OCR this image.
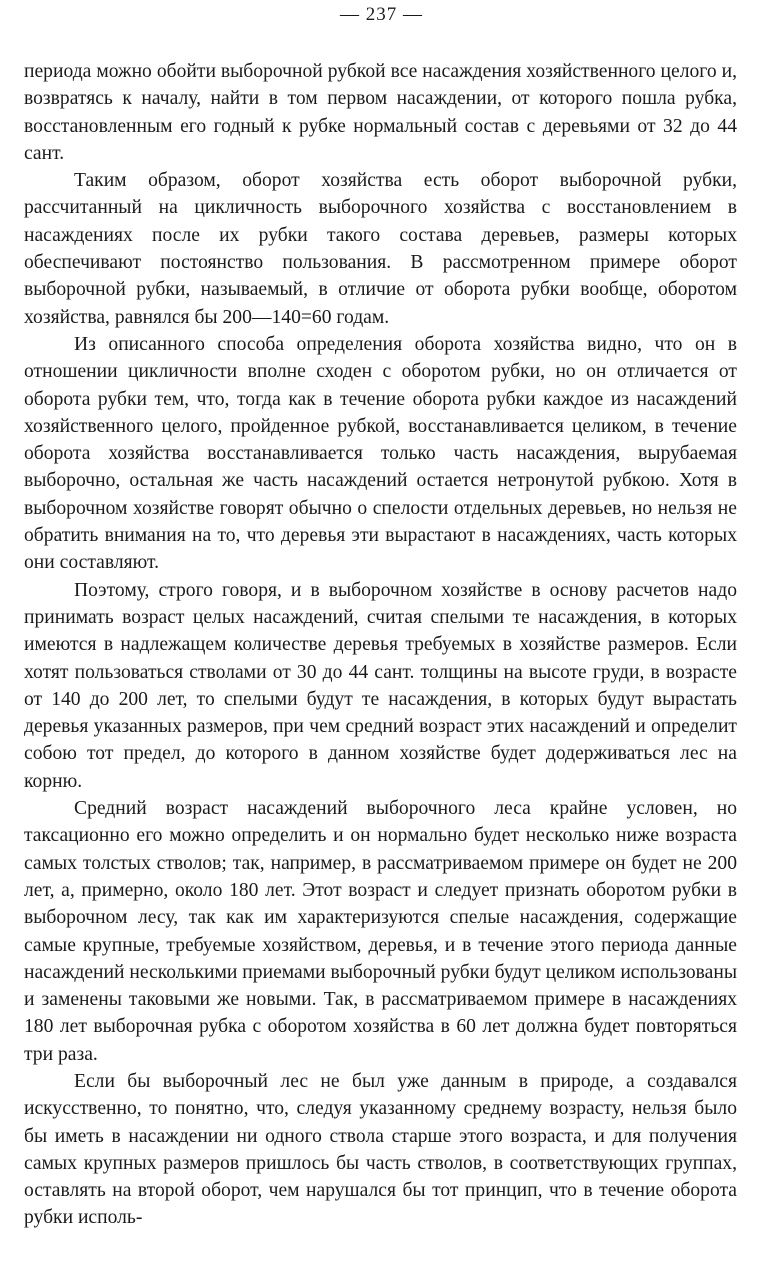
— 237 —

периода можно обойти выборочной рубкой все насаждения хозяйственного целого и, возвратясь к началу, найти в том первом насаждении, от которого пошла рубка, восстановленным его годный к рубке нормальный состав с деревьями от 32 до 44 сант.

Таким образом, оборот хозяйства есть оборот выборочной рубки, рассчитанный на цикличность выборочного хозяйства с восстановлением в насаждениях после их рубки такого состава деревьев, размеры которых обеспечивают постоянство пользования. В рассмотренном примере оборот выборочной рубки, называемый, в отличие от оборота рубки вообще, оборотом хозяйства, равнялся бы 200—140=60 годам.

Из описанного способа определения оборота хозяйства видно, что он в отношении цикличности вполне сходен с оборотом рубки, но он отличается от оборота рубки тем, что, тогда как в течение оборота рубки каждое из насаждений хозяйственного целого, пройденное рубкой, восстанавливается целиком, в течение оборота хозяйства восстанавливается только часть насаждения, вырубаемая выборочно, остальная же часть насаждений остается нетронутой рубкою. Хотя в выборочном хозяйстве говорят обычно о спелости отдельных деревьев, но нельзя не обратить внимания на то, что деревья эти вырастают в насаждениях, часть которых они составляют.

Поэтому, строго говоря, и в выборочном хозяйстве в основу расчетов надо принимать возраст целых насаждений, считая спелыми те насаждения, в которых имеются в надлежащем количестве деревья требуемых в хозяйстве размеров. Если хотят пользоваться стволами от 30 до 44 сант. толщины на высоте груди, в возрасте от 140 до 200 лет, то спелыми будут те насаждения, в которых будут вырастать деревья указанных размеров, при чем средний возраст этих насаждений и определит собою тот предел, до которого в данном хозяйстве будет додерживаться лес на корню.

Средний возраст насаждений выборочного леса крайне условен, но таксационно его можно определить и он нормально будет несколько ниже возраста самых толстых стволов; так, например, в рассматриваемом примере он будет не 200 лет, а, примерно, около 180 лет. Этот возраст и следует признать оборотом рубки в выборочном лесу, так как им характеризуются спелые насаждения, содержащие самые крупные, требуемые хозяйством, деревья, и в течение этого периода данные насаждений несколькими приемами выборочный рубки будут целиком использованы и заменены таковыми же новыми. Так, в рассматриваемом примере в насаждениях 180 лет выборочная рубка с оборотом хозяйства в 60 лет должна будет повторяться три раза.

Если бы выборочный лес не был уже данным в природе, а создавался искусственно, то понятно, что, следуя указанному среднему возрасту, нельзя было бы иметь в насаждении ни одного ствола старше этого возраста, и для получения самых крупных размеров пришлось бы часть стволов, в соответствующих группах, оставлять на второй оборот, чем нарушался бы тот принцип, что в течение оборота рубки исполь-
